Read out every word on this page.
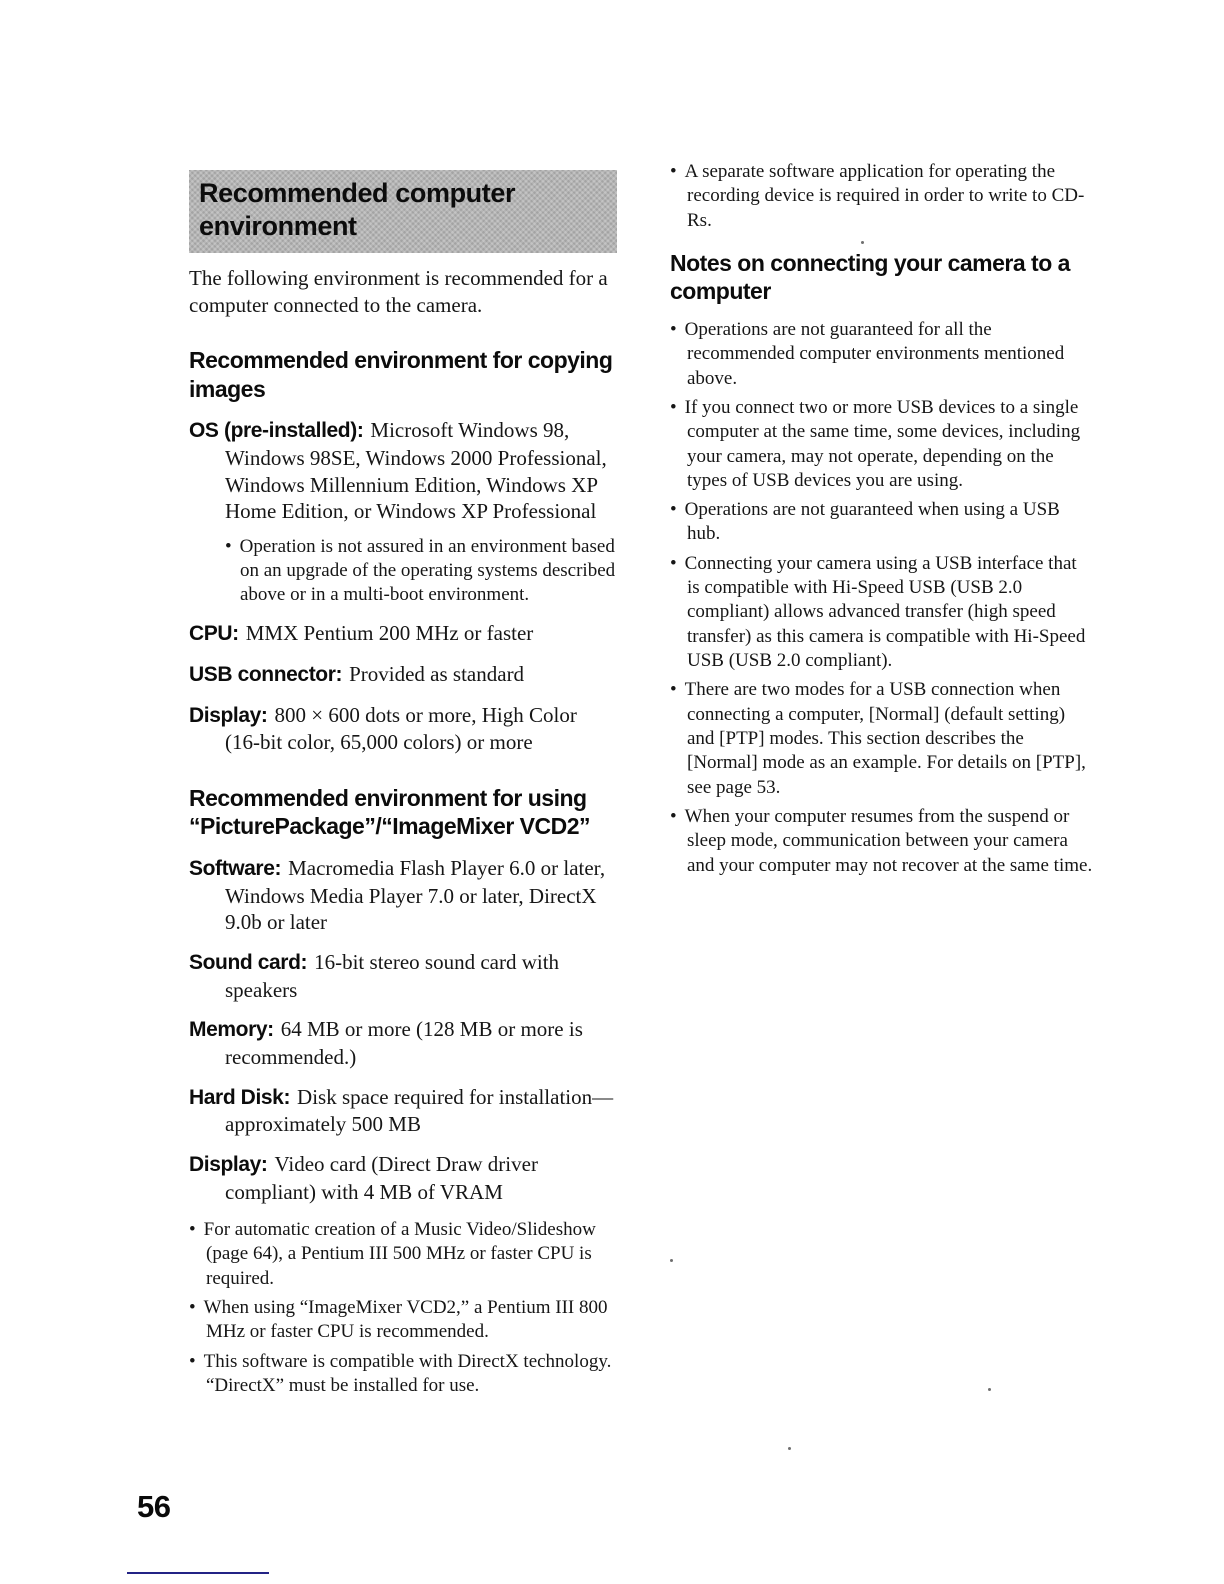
Recommended computer environment

The following environment is recommended for a computer connected to the camera.

Recommended environment for copying images

OS (pre-installed): Microsoft Windows 98, Windows 98SE, Windows 2000 Professional, Windows Millennium Edition, Windows XP Home Edition, or Windows XP Professional

• Operation is not assured in an environment based on an upgrade of the operating systems described above or in a multi-boot environment.

CPU: MMX Pentium 200 MHz or faster

USB connector: Provided as standard

Display: 800 × 600 dots or more, High Color (16-bit color, 65,000 colors) or more

Recommended environment for using “PicturePackage”/“ImageMixer VCD2”

Software: Macromedia Flash Player 6.0 or later, Windows Media Player 7.0 or later, DirectX 9.0b or later

Sound card: 16-bit stereo sound card with speakers

Memory: 64 MB or more (128 MB or more is recommended.)

Hard Disk: Disk space required for installation—approximately 500 MB

Display: Video card (Direct Draw driver compliant) with 4 MB of VRAM

• For automatic creation of a Music Video/Slideshow (page 64), a Pentium III 500 MHz or faster CPU is required.
• When using “ImageMixer VCD2,” a Pentium III 800 MHz or faster CPU is recommended.
• This software is compatible with DirectX technology. “DirectX” must be installed for use.
• A separate software application for operating the recording device is required in order to write to CD-Rs.
Notes on connecting your camera to a computer
• Operations are not guaranteed for all the recommended computer environments mentioned above.
• If you connect two or more USB devices to a single computer at the same time, some devices, including your camera, may not operate, depending on the types of USB devices you are using.
• Operations are not guaranteed when using a USB hub.
• Connecting your camera using a USB interface that is compatible with Hi-Speed USB (USB 2.0 compliant) allows advanced transfer (high speed transfer) as this camera is compatible with Hi-Speed USB (USB 2.0 compliant).
• There are two modes for a USB connection when connecting a computer, [Normal] (default setting) and [PTP] modes. This section describes the [Normal] mode as an example. For details on [PTP], see page 53.
• When your computer resumes from the suspend or sleep mode, communication between your camera and your computer may not recover at the same time.
56
